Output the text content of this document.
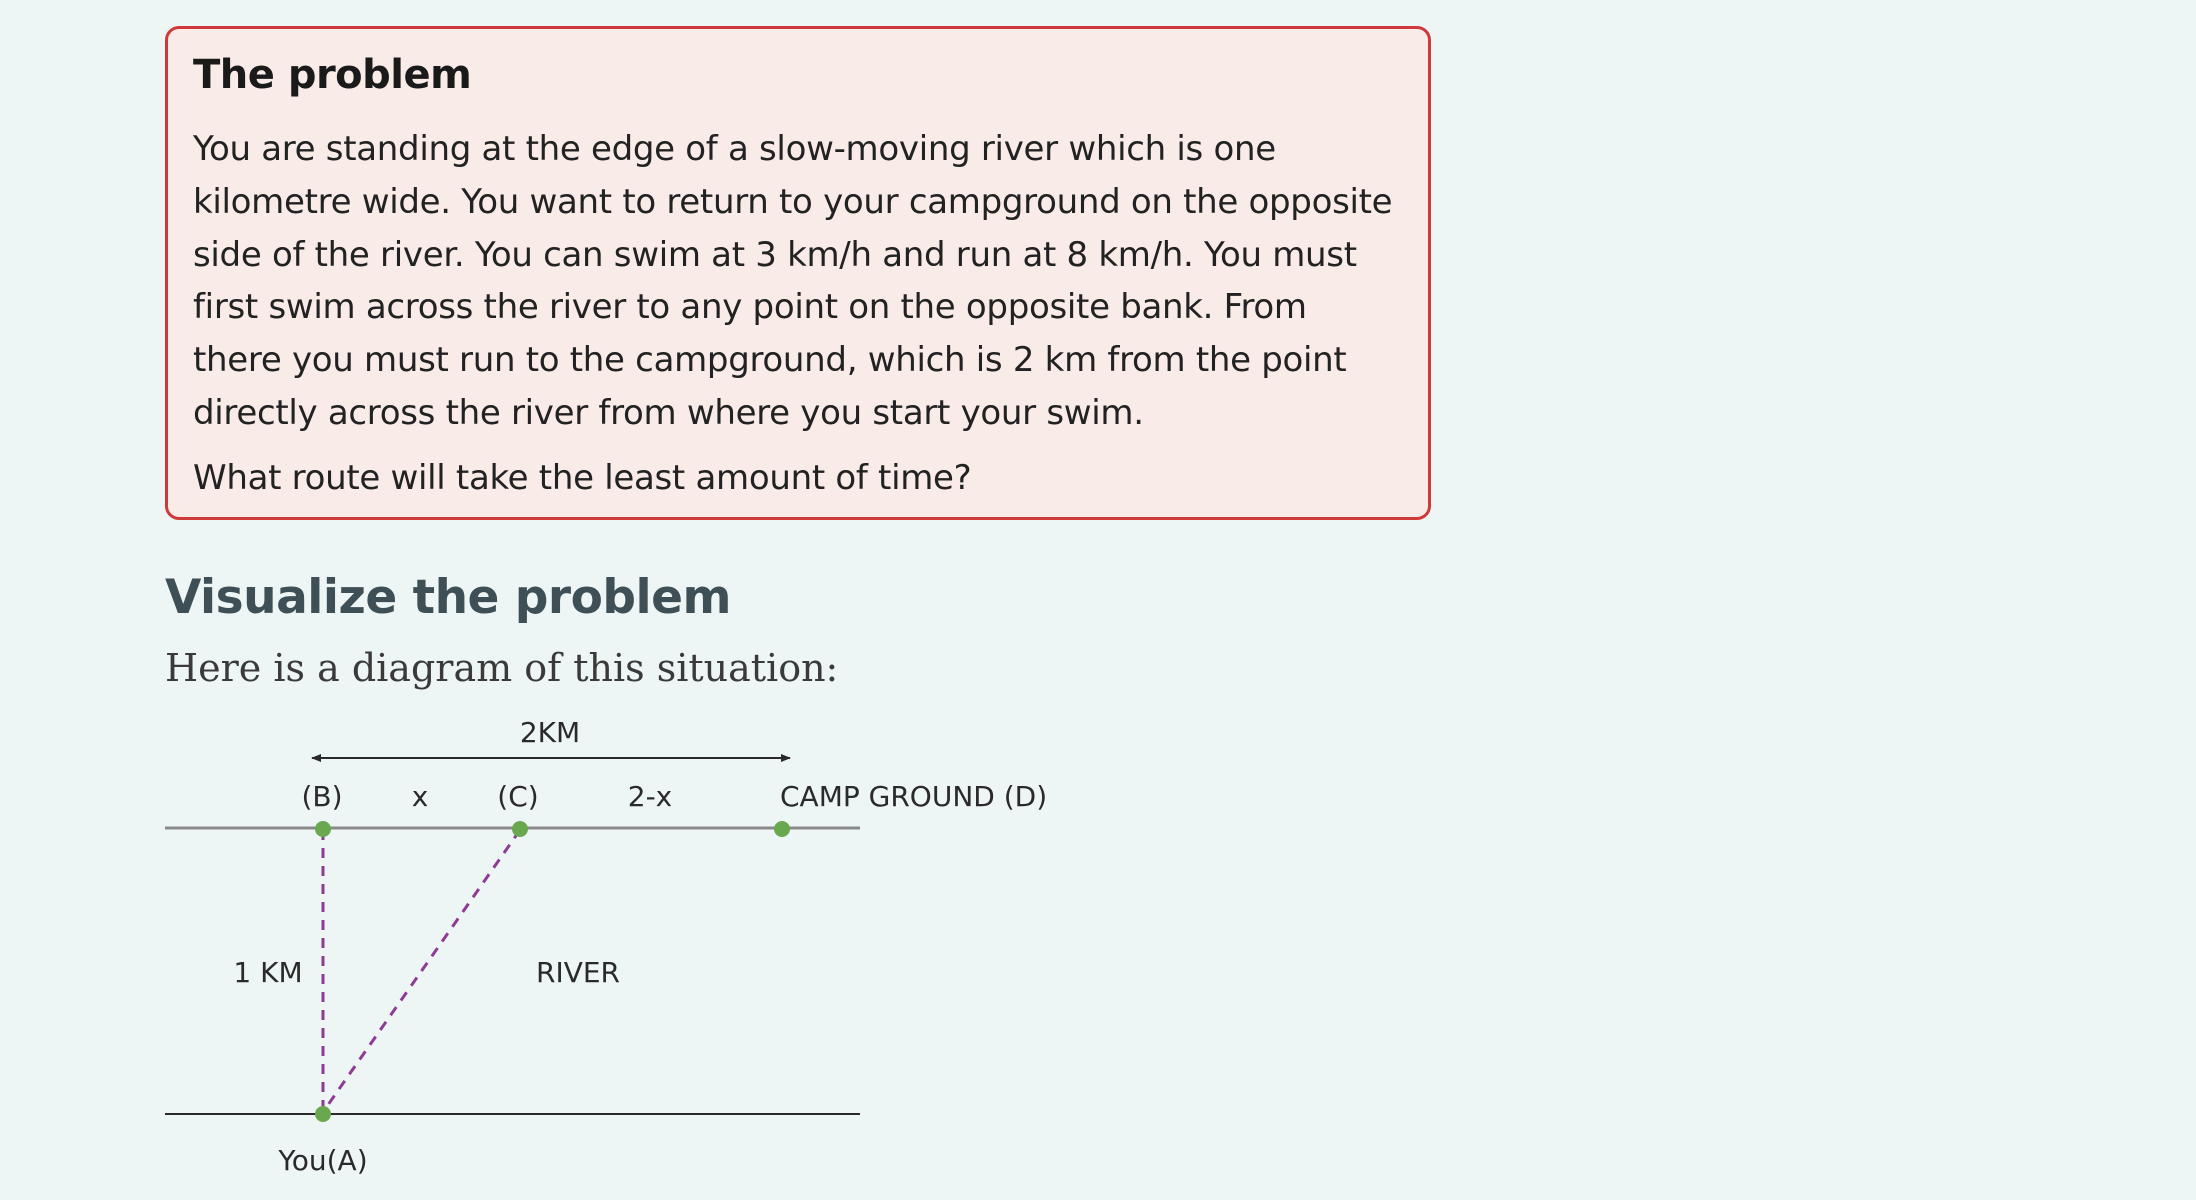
The problem

You are standing at the edge of a slow-moving river which is one kilometre wide. You want to return to your campground on the opposite side of the river. You can swim at 3 km/h and run at 8 km/h. You must first swim across the river to any point on the opposite bank. From there you must run to the campground, which is 2 km from the point directly across the river from where you start your swim.

What route will take the least amount of time?

Visualize the problem

Here is a diagram of this situation:

2KM
(B) x (C)	2-x	CAMP GROUND (D)
1 KM	RIVER
You(A)
